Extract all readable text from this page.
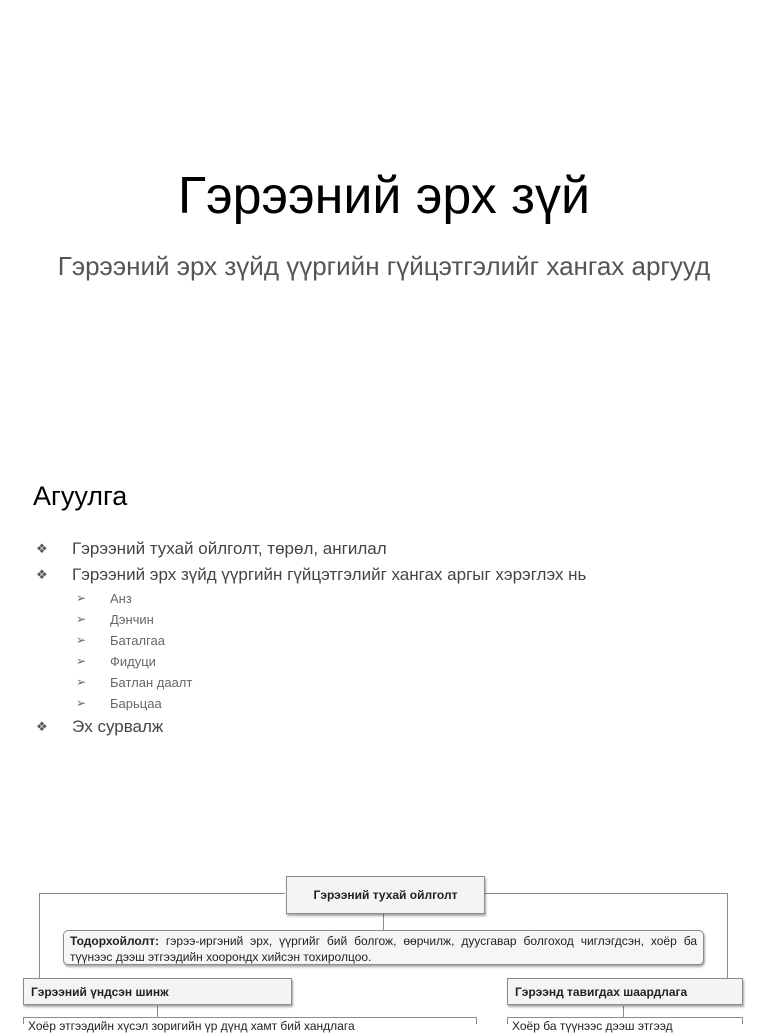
Гэрээний эрх зүй
Гэрээний эрх зүйд үүргийн гүйцэтгэлийг хангах аргууд
Агуулга
❖	Гэрээний тухай ойлголт, төрөл, ангилал
❖	Гэрээний эрх зүйд үүргийн гүйцэтгэлийг хангах аргыг хэрэглэх нь
➢	Анз
➢	Дэнчин
➢	Баталгаа
➢	Фидуци
➢	Батлан даалт
➢	Барьцаа
❖	Эх сурвалж
Гэрээний тухай ойлголт
Тодорхойлолт: гэрээ-иргэний эрх, үүргийг бий болгож, өөрчилж, дуусгавар болгоход чиглэгдсэн, хоёр ба түүнээс дээш этгээдийн хоорондх хийсэн тохиролцоо.
Гэрээний үндсэн шинж	Гэрээнд тавигдах шаардлага
Хоёр этгээдийн хүсэл зоригийн үр дүнд хамт бий хандлага	Хоёр ба түүнээс дээш этгээд
